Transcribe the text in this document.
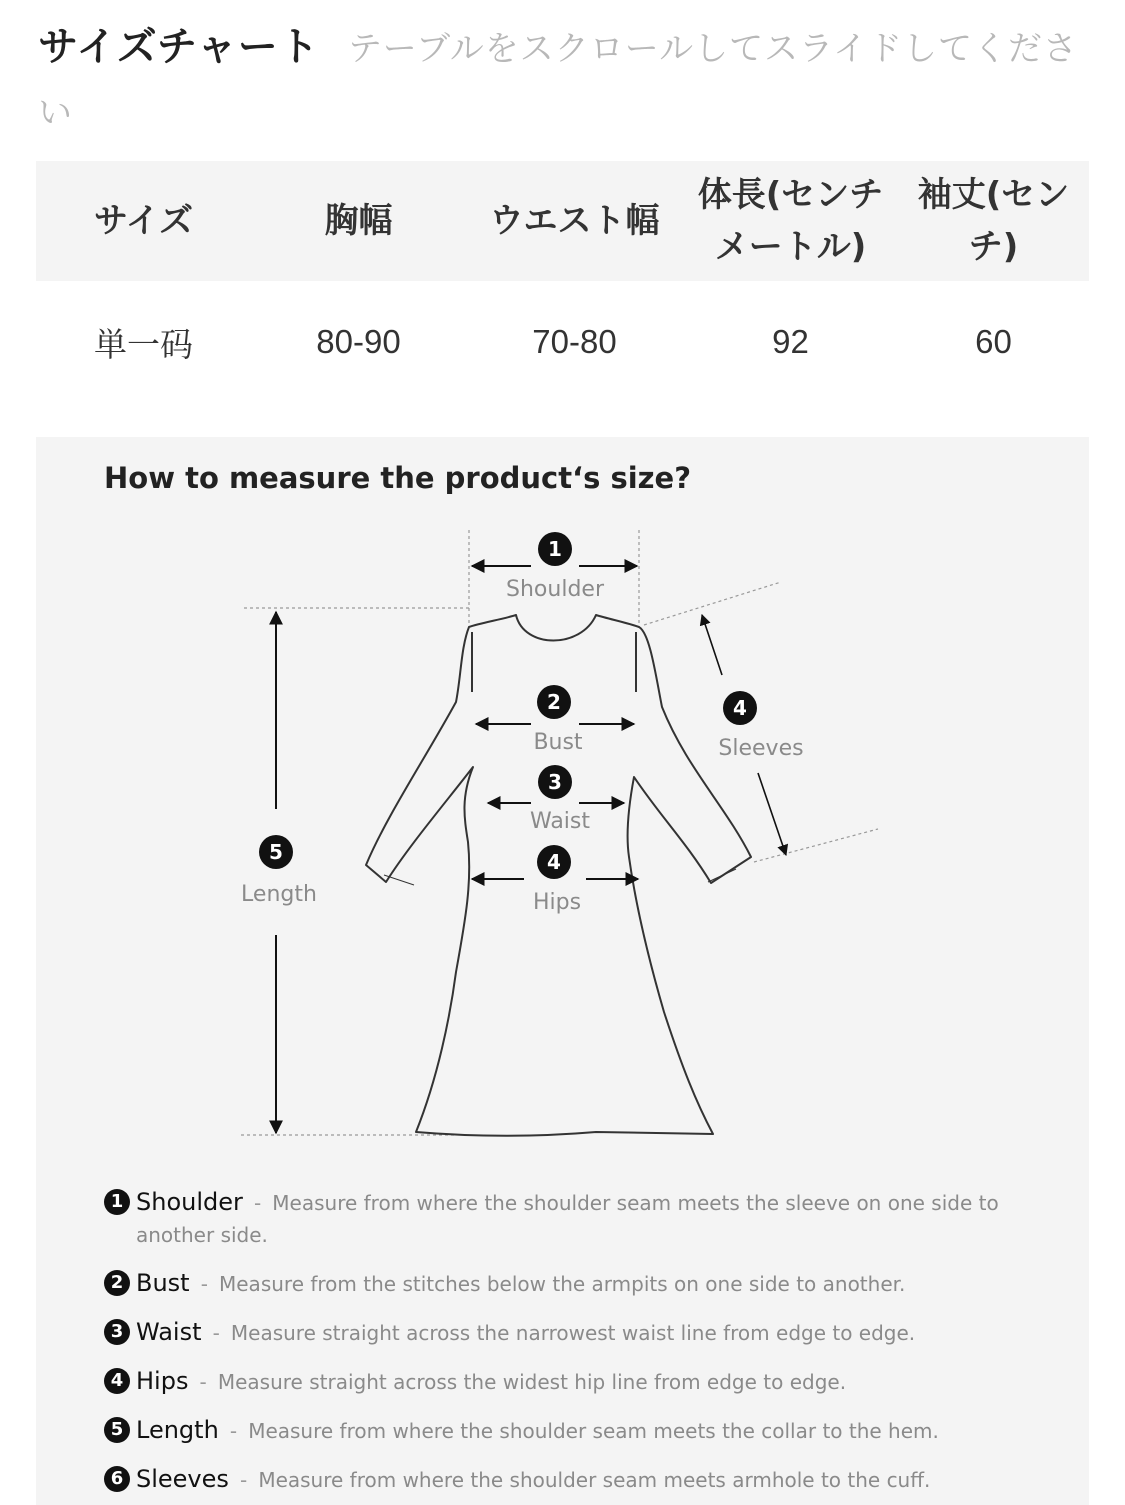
サイズチャート テーブルをスクロールしてスライドしてください
サイズ	胸幅	ウエスト幅	体長(センチメートル)	袖丈(センチ)
単一码	80-90	70-80	92	60
How to measure the product‘s size?
1
Shoulder
2
Bust
3
Waist
4
Hips
4
Sleeves
5
Length
1 Shoulder - Measure from where the shoulder seam meets the sleeve on one side to another side.
2 Bust - Measure from the stitches below the armpits on one side to another.
3 Waist - Measure straight across the narrowest waist line from edge to edge.
4 Hips - Measure straight across the widest hip line from edge to edge.
5 Length - Measure from where the shoulder seam meets the collar to the hem.
6 Sleeves - Measure from where the shoulder seam meets armhole to the cuff.
